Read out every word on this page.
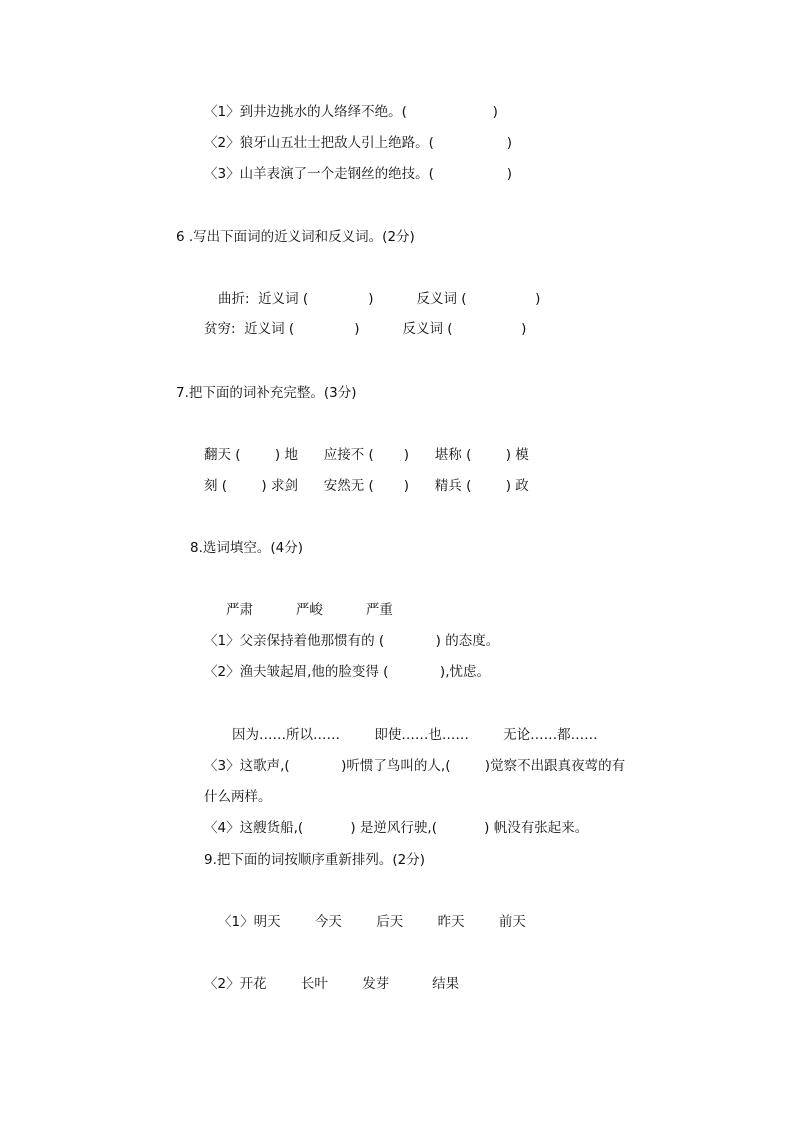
〈1〉到井边挑水的人络绎不绝。(                    )
〈2〉狼牙山五壮士把敌人引上绝路。(                 )
〈3〉山羊表演了一个走钢丝的绝技。(                 )
6 .写出下面词的近义词和反义词。(2分)
曲折:  近义词 (              )          反义词 (                )
贫穷:  近义词 (              )          反义词 (                )
7.把下面的词补充完整。(3分)
翻天 (        ) 地      应接不 (       )      堪称 (        ) 模
刻 (        ) 求剑      安然无 (       )      精兵 (        ) 政
8.选词填空。(4分)
严肃          严峻          严重
〈1〉父亲保持着他那惯有的 (            ) 的态度。
〈2〉渔夫皱起眉,他的脸变得 (            ),忧虑。
因为……所以……        即使……也……        无论……都……
〈3〉这歌声,(            )听惯了鸟叫的人,(        )觉察不出跟真夜莺的有
什么两样。
〈4〉这艘货船,(           ) 是逆风行驶,(           ) 帆没有张起来。
9.把下面的词按顺序重新排列。(2分)
〈1〉明天        今天        后天        昨天        前天
〈2〉开花        长叶        发芽          结果
